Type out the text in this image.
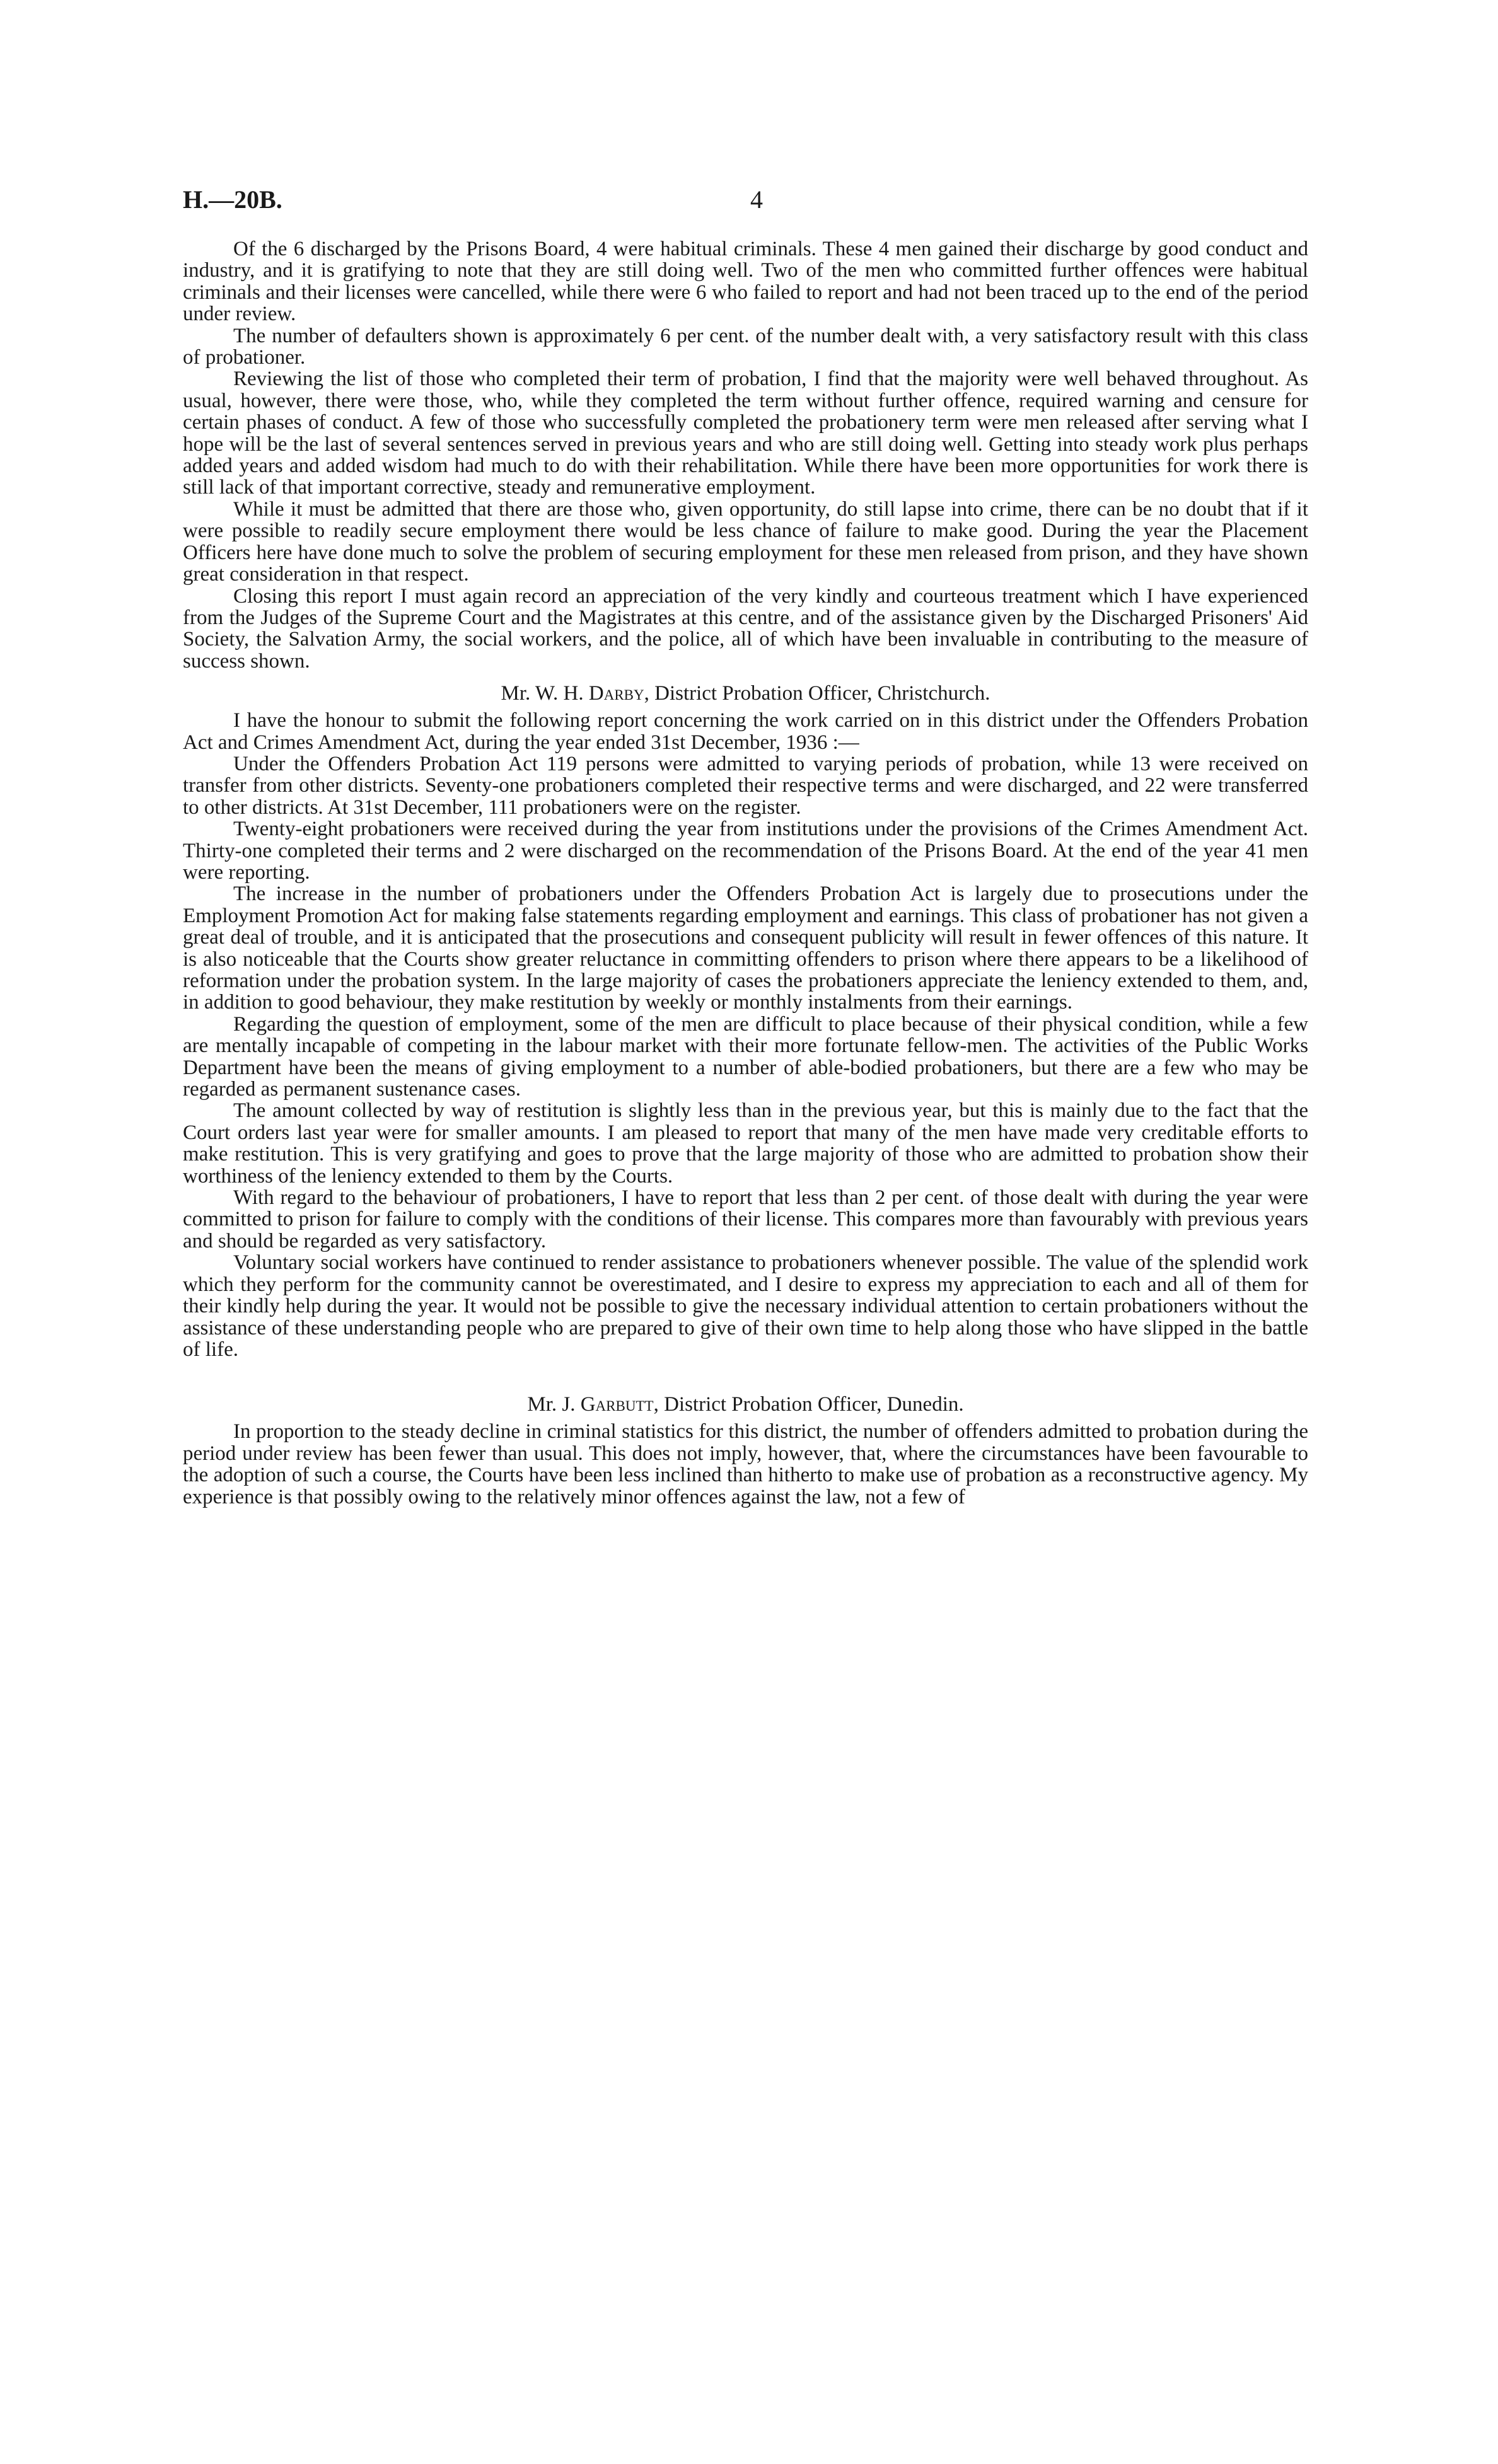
H.—20B.	4

Of the 6 discharged by the Prisons Board, 4 were habitual criminals. These 4 men gained their discharge by good conduct and industry, and it is gratifying to note that they are still doing well. Two of the men who committed further offences were habitual criminals and their licenses were cancelled, while there were 6 who failed to report and had not been traced up to the end of the period under review.

The number of defaulters shown is approximately 6 per cent. of the number dealt with, a very satisfactory result with this class of probationer.

Reviewing the list of those who completed their term of probation, I find that the majority were well behaved throughout. As usual, however, there were those, who, while they completed the term without further offence, required warning and censure for certain phases of conduct. A few of those who successfully completed the probationery term were men released after serving what I hope will be the last of several sentences served in previous years and who are still doing well. Getting into steady work plus perhaps added years and added wisdom had much to do with their rehabilitation. While there have been more opportunities for work there is still lack of that important corrective, steady and remunerative employment.

While it must be admitted that there are those who, given opportunity, do still lapse into crime, there can be no doubt that if it were possible to readily secure employment there would be less chance of failure to make good. During the year the Placement Officers here have done much to solve the problem of securing employment for these men released from prison, and they have shown great consideration in that respect.

Closing this report I must again record an appreciation of the very kindly and courteous treatment which I have experienced from the Judges of the Supreme Court and the Magistrates at this centre, and of the assistance given by the Discharged Prisoners' Aid Society, the Salvation Army, the social workers, and the police, all of which have been invaluable in contributing to the measure of success shown.

Mr. W. H. Darby, District Probation Officer, Christchurch.

I have the honour to submit the following report concerning the work carried on in this district under the Offenders Probation Act and Crimes Amendment Act, during the year ended 31st December, 1936 :—

Under the Offenders Probation Act 119 persons were admitted to varying periods of probation, while 13 were received on transfer from other districts. Seventy-one probationers completed their respective terms and were discharged, and 22 were transferred to other districts. At 31st December, 111 probationers were on the register.

Twenty-eight probationers were received during the year from institutions under the provisions of the Crimes Amendment Act. Thirty-one completed their terms and 2 were discharged on the recommendation of the Prisons Board. At the end of the year 41 men were reporting.

The increase in the number of probationers under the Offenders Probation Act is largely due to prosecutions under the Employment Promotion Act for making false statements regarding employment and earnings. This class of probationer has not given a great deal of trouble, and it is anticipated that the prosecutions and consequent publicity will result in fewer offences of this nature. It is also noticeable that the Courts show greater reluctance in committing offenders to prison where there appears to be a likelihood of reformation under the probation system. In the large majority of cases the probationers appreciate the leniency extended to them, and, in addition to good behaviour, they make restitution by weekly or monthly instalments from their earnings.

Regarding the question of employment, some of the men are difficult to place because of their physical condition, while a few are mentally incapable of competing in the labour market with their more fortunate fellow-men. The activities of the Public Works Department have been the means of giving employment to a number of able-bodied probationers, but there are a few who may be regarded as permanent sustenance cases.

The amount collected by way of restitution is slightly less than in the previous year, but this is mainly due to the fact that the Court orders last year were for smaller amounts. I am pleased to report that many of the men have made very creditable efforts to make restitution. This is very gratifying and goes to prove that the large majority of those who are admitted to probation show their worthiness of the leniency extended to them by the Courts.

With regard to the behaviour of probationers, I have to report that less than 2 per cent. of those dealt with during the year were committed to prison for failure to comply with the conditions of their license. This compares more than favourably with previous years and should be regarded as very satisfactory.

Voluntary social workers have continued to render assistance to probationers whenever possible. The value of the splendid work which they perform for the community cannot be overestimated, and I desire to express my appreciation to each and all of them for their kindly help during the year. It would not be possible to give the necessary individual attention to certain probationers without the assistance of these understanding people who are prepared to give of their own time to help along those who have slipped in the battle of life.

Mr. J. Garbutt, District Probation Officer, Dunedin.

In proportion to the steady decline in criminal statistics for this district, the number of offenders admitted to probation during the period under review has been fewer than usual. This does not imply, however, that, where the circumstances have been favourable to the adoption of such a course, the Courts have been less inclined than hitherto to make use of probation as a reconstructive agency. My experience is that possibly owing to the relatively minor offences against the law, not a few of
